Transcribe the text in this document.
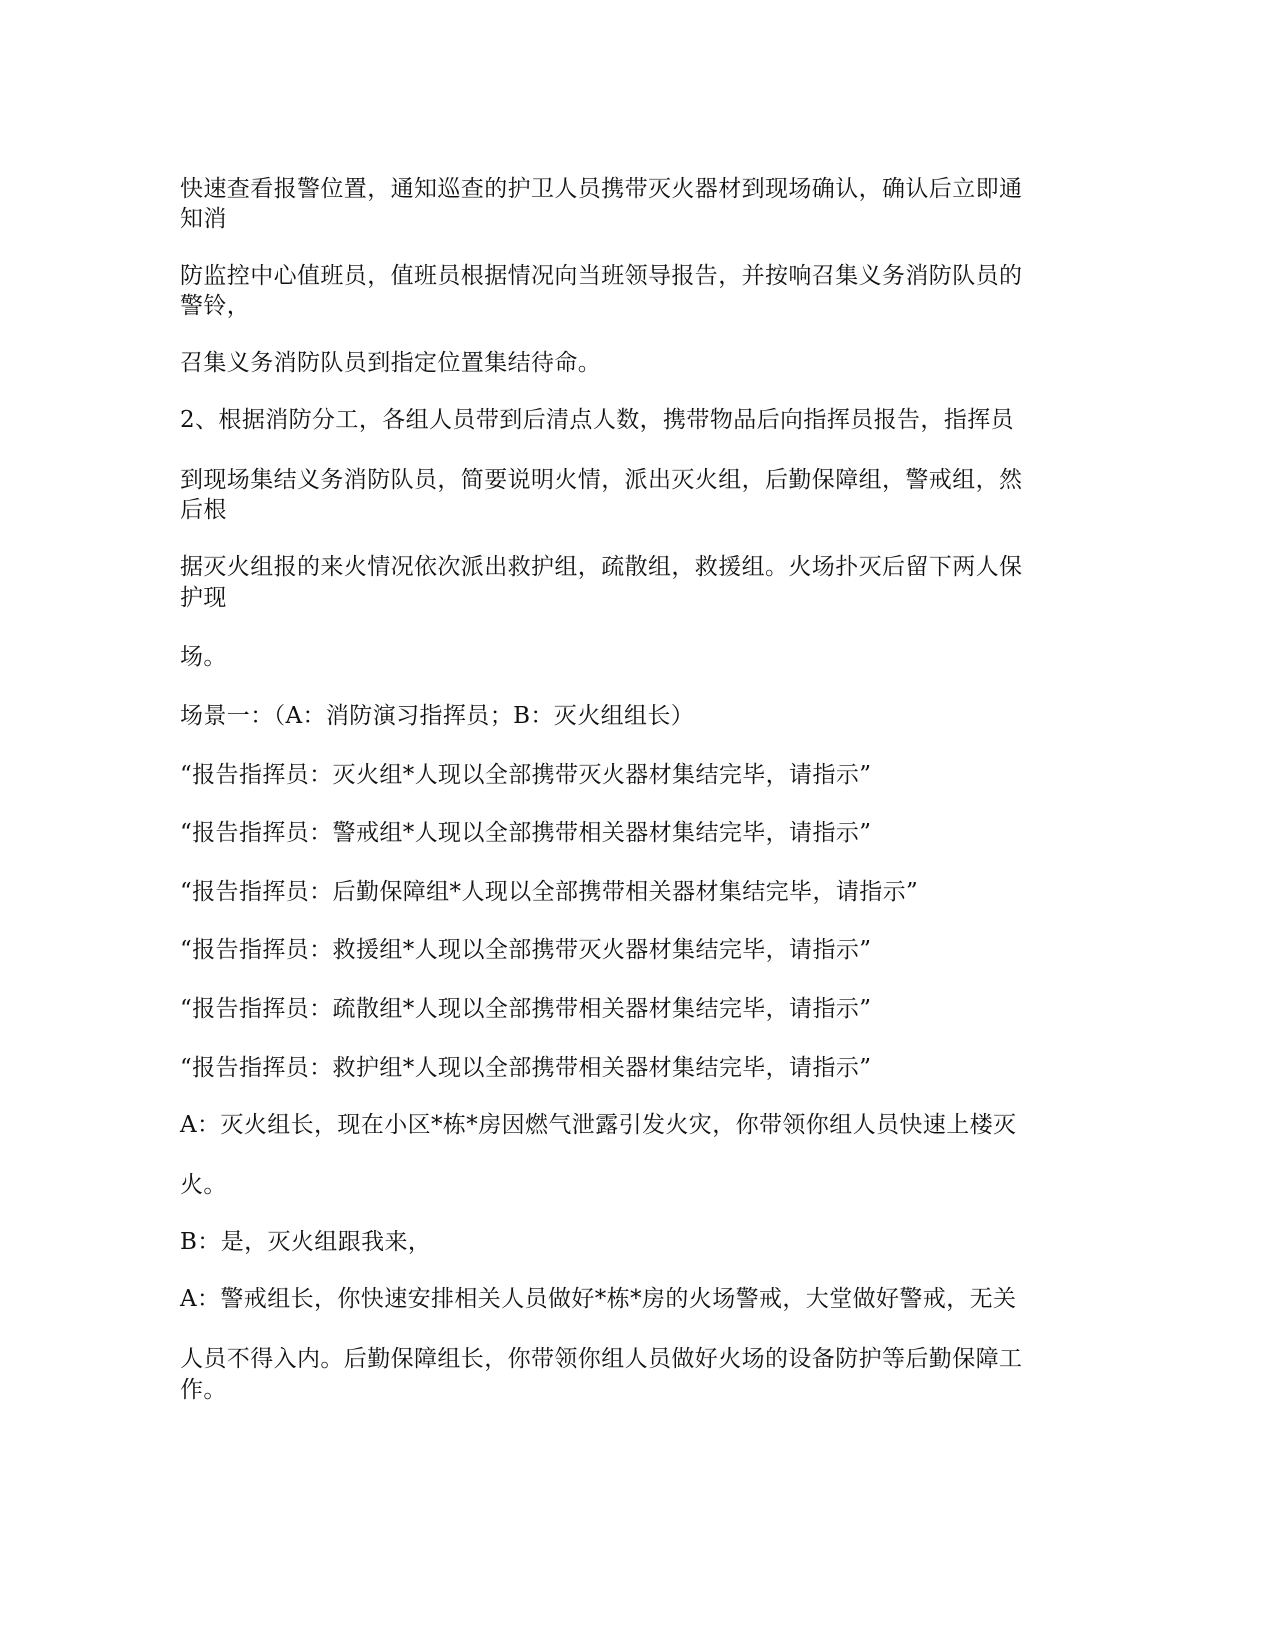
快速查看报警位置，通知巡查的护卫人员携带灭火器材到现场确认，确认后立即通
知消
防监控中心值班员，值班员根据情况向当班领导报告，并按响召集义务消防队员的
警铃，
召集义务消防队员到指定位置集结待命。
2、根据消防分工，各组人员带到后清点人数，携带物品后向指挥员报告，指挥员
到现场集结义务消防队员，简要说明火情，派出灭火组，后勤保障组，警戒组，然
后根
据灭火组报的来火情况依次派出救护组，疏散组，救援组。火场扑灭后留下两人保
护现
场。
场景一：（A：消防演习指挥员；B：灭火组组长）
“报告指挥员：灭火组*人现以全部携带灭火器材集结完毕，请指示”
“报告指挥员：警戒组*人现以全部携带相关器材集结完毕，请指示”
“报告指挥员：后勤保障组*人现以全部携带相关器材集结完毕，请指示”
“报告指挥员：救援组*人现以全部携带灭火器材集结完毕，请指示”
“报告指挥员：疏散组*人现以全部携带相关器材集结完毕，请指示”
“报告指挥员：救护组*人现以全部携带相关器材集结完毕，请指示”
A：灭火组长，现在小区*栋*房因燃气泄露引发火灾，你带领你组人员快速上楼灭
火。
B：是，灭火组跟我来，
A：警戒组长，你快速安排相关人员做好*栋*房的火场警戒，大堂做好警戒，无关
人员不得入内。后勤保障组长，你带领你组人员做好火场的设备防护等后勤保障工
作。
